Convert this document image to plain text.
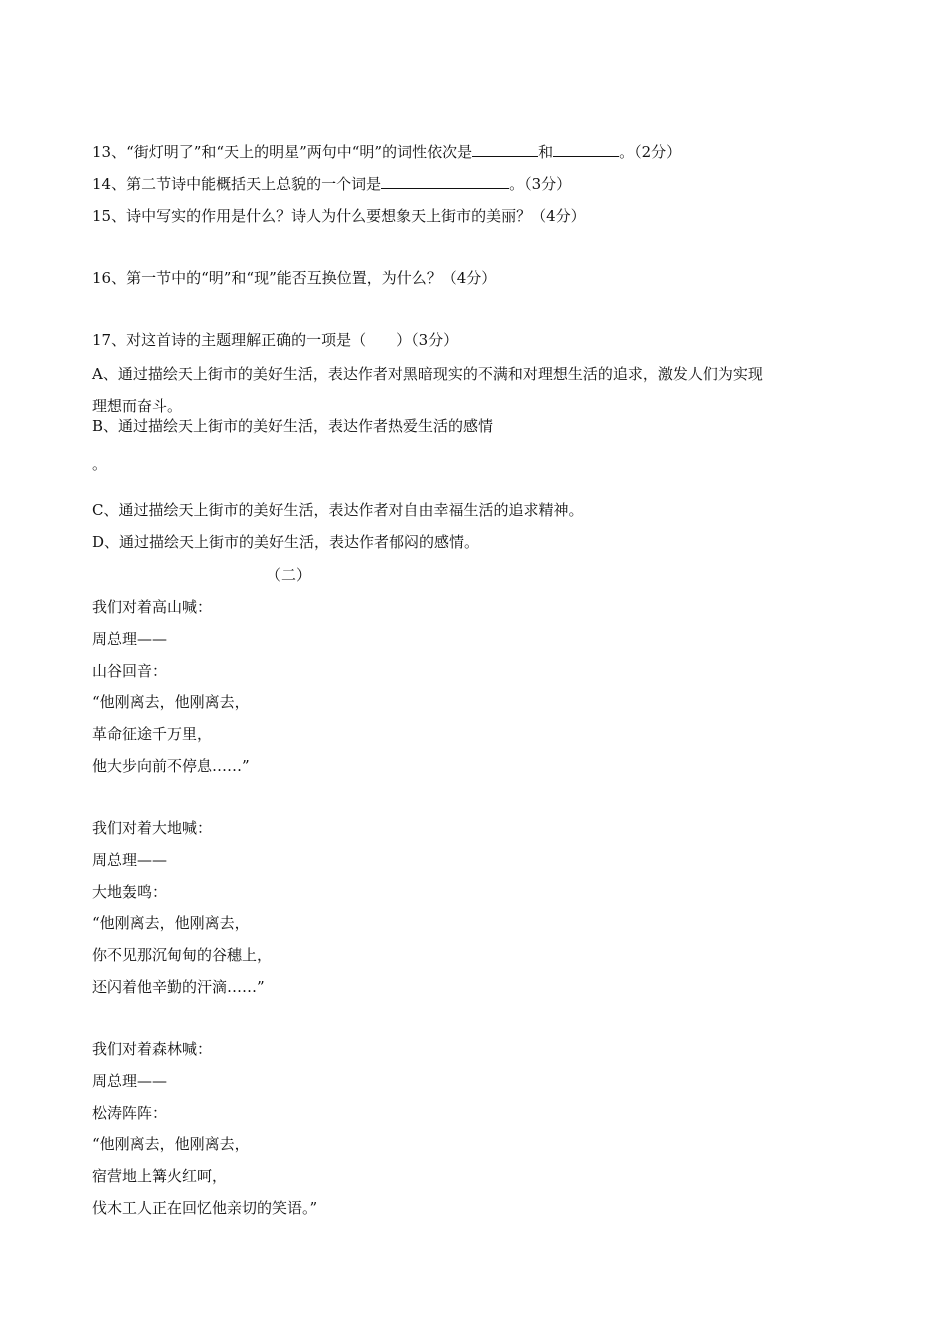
13、“街灯明了”和“天上的明星”两句中“明”的词性依次是	和	。（2分）
14、第二节诗中能概括天上总貌的一个词是	。（3分）
15、诗中写实的作用是什么？诗人为什么要想象天上街市的美丽？（4分）
16、第一节中的“明”和“现”能否互换位置，为什么？（4分）
17、对这首诗的主题理解正确的一项是（　　）（3分）
A、通过描绘天上街市的美好生活，表达作者对黑暗现实的不满和对理想生活的追求，激发人们为实现
理想而奋斗。
B、通过描绘天上街市的美好生活，表达作者热爱生活的感情
。
C、通过描绘天上街市的美好生活，表达作者对自由幸福生活的追求精神。
D、通过描绘天上街市的美好生活，表达作者郁闷的感情。
（二）
我们对着高山喊：
周总理——
山谷回音：
“他刚离去，他刚离去，
革命征途千万里，
他大步向前不停息……”
我们对着大地喊：
周总理——
大地轰鸣：
“他刚离去，他刚离去，
你不见那沉甸甸的谷穗上，
还闪着他辛勤的汗滴……”
我们对着森林喊：
周总理——
松涛阵阵：
“他刚离去，他刚离去，
宿营地上篝火红呵，
伐木工人正在回忆他亲切的笑语。”
